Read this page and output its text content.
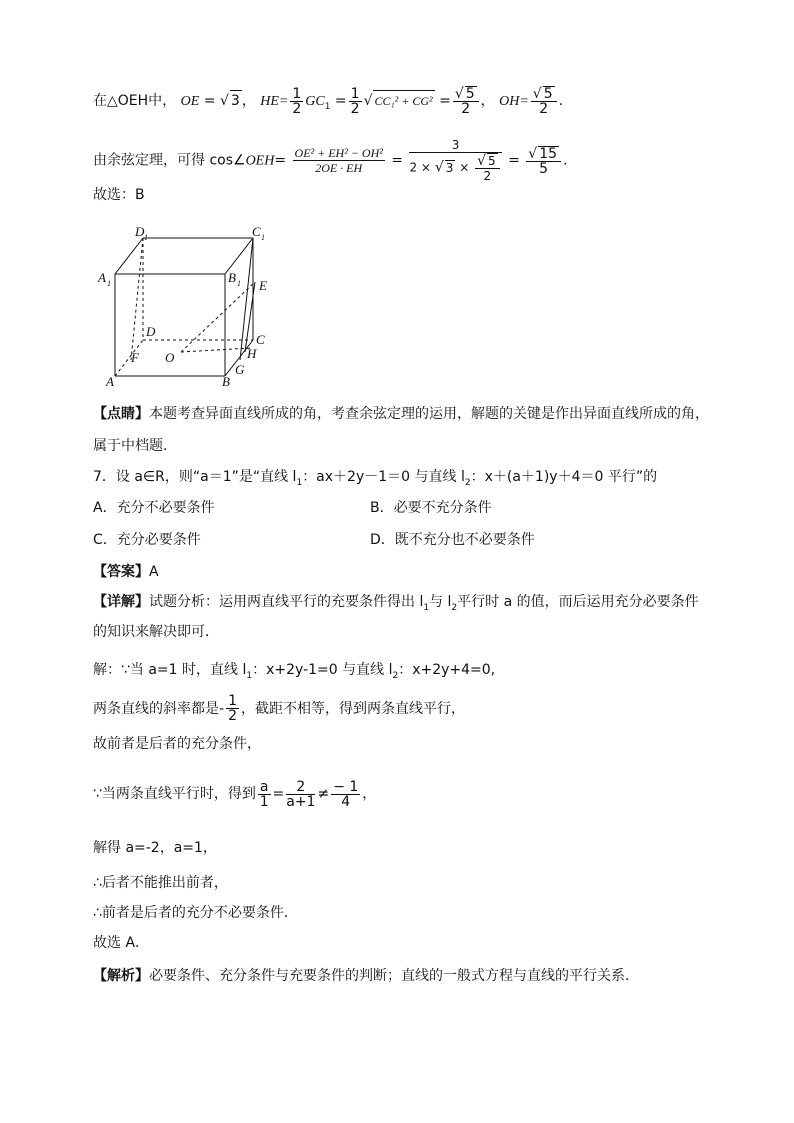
在△OEH中， OE = √ 3 ， $HE= \frac{1}{2} GC_1 = \frac{1}{2}$ √ $CC_1^2 + CG^2 = \frac{√ 5}{2}$ ， $OH= \frac{√ 5}{2}$ .
由余弦定理，可得 cos∠OEH= $\frac{\text{OE² + EH² − OH²}}{2OE \cdot EH} = \frac{3}{2 \times √ 3 \times \frac{√ 5}{2}} = \frac{√ 15}{5}$ .
故选：B
D 1	C 1
A 1	B 1 E
D
C
F O	H
A	B
G
【点睛】本题考查异面直线所成的角，考查余弦定理的运用，解题的关键是作出异面直线所成的角，
属于中档题．
7．设 a∈R，则“a＝1”是“直线 $l_1$：ax＋2y－1＝0 与直线 $l_2$：x＋(a＋1)y＋4＝0 平行”的
A．充分不必要条件	B．必要不充分条件
C．充分必要条件	D．既不充分也不必要条件
【答案】A
【详解】试题分析：运用两直线平行的充要条件得出 $l_1$与 $l_2$平行时 a 的值，而后运用充分必要条件
的知识来解决即可．
解：∵当 a=1 时，直线 $l_1$：x+2y-1=0 与直线 $l_2$：x+2y+4=0,
两条直线的斜率都是- $\frac{1}{2}$ ，截距不相等，得到两条直线平行，
故前者是后者的充分条件，
∵当两条直线平行时，得到 $\frac{a}{1} = \frac{2}{a+1} \ne \frac{- 1}{4}$ ，
解得 a=-2，a=1，
∴后者不能推出前者，
∴前者是后者的充分不必要条件．
故选 A．
【解析】必要条件、充分条件与充要条件的判断；直线的一般式方程与直线的平行关系．
